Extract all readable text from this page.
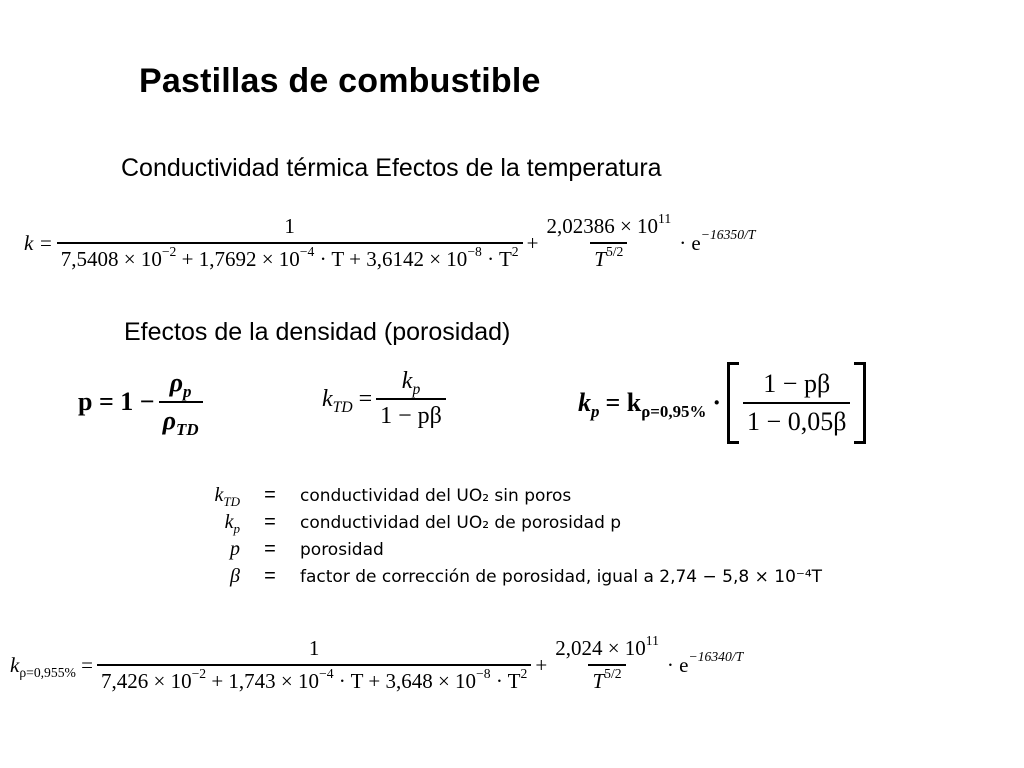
Pastillas de combustible
Conductividad térmica Efectos de la temperatura
$k = \frac{1}{7,5408 \times 10^{-2} + 1,7692 \times 10^{-4} \cdot T + 3,6142 \times 10^{-8} \cdot T^2} + \frac{2,02386 \times 10^{11}}{T^{5/2}} \cdot e^{-16350/T}$
Efectos de la densidad (porosidad)
$p = 1 - \frac{\rho_p}{\rho_{TD}}$	$k_{TD} = \frac{k_p}{1 - p\beta}$	$k_p = k_{\rho=0,95\%} \cdot \frac{1 - p\beta}{1 - 0,05\beta}$
$k_{TD}$	=	conductividad del UO₂ sin poros
$k_p$	=	conductividad del UO₂ de porosidad p
p	=	porosidad
β	=	factor de corrección de porosidad, igual a 2,74 − 5,8 × 10⁻⁴T
$k_{\rho=0,955\%} = \frac{1}{7,426 \times 10^{-2} + 1,743 \times 10^{-4} \cdot T + 3,648 \times 10^{-8} \cdot T^2} + \frac{2,024 \times 10^{11}}{T^{5/2}} \cdot e^{-16340/T}$
